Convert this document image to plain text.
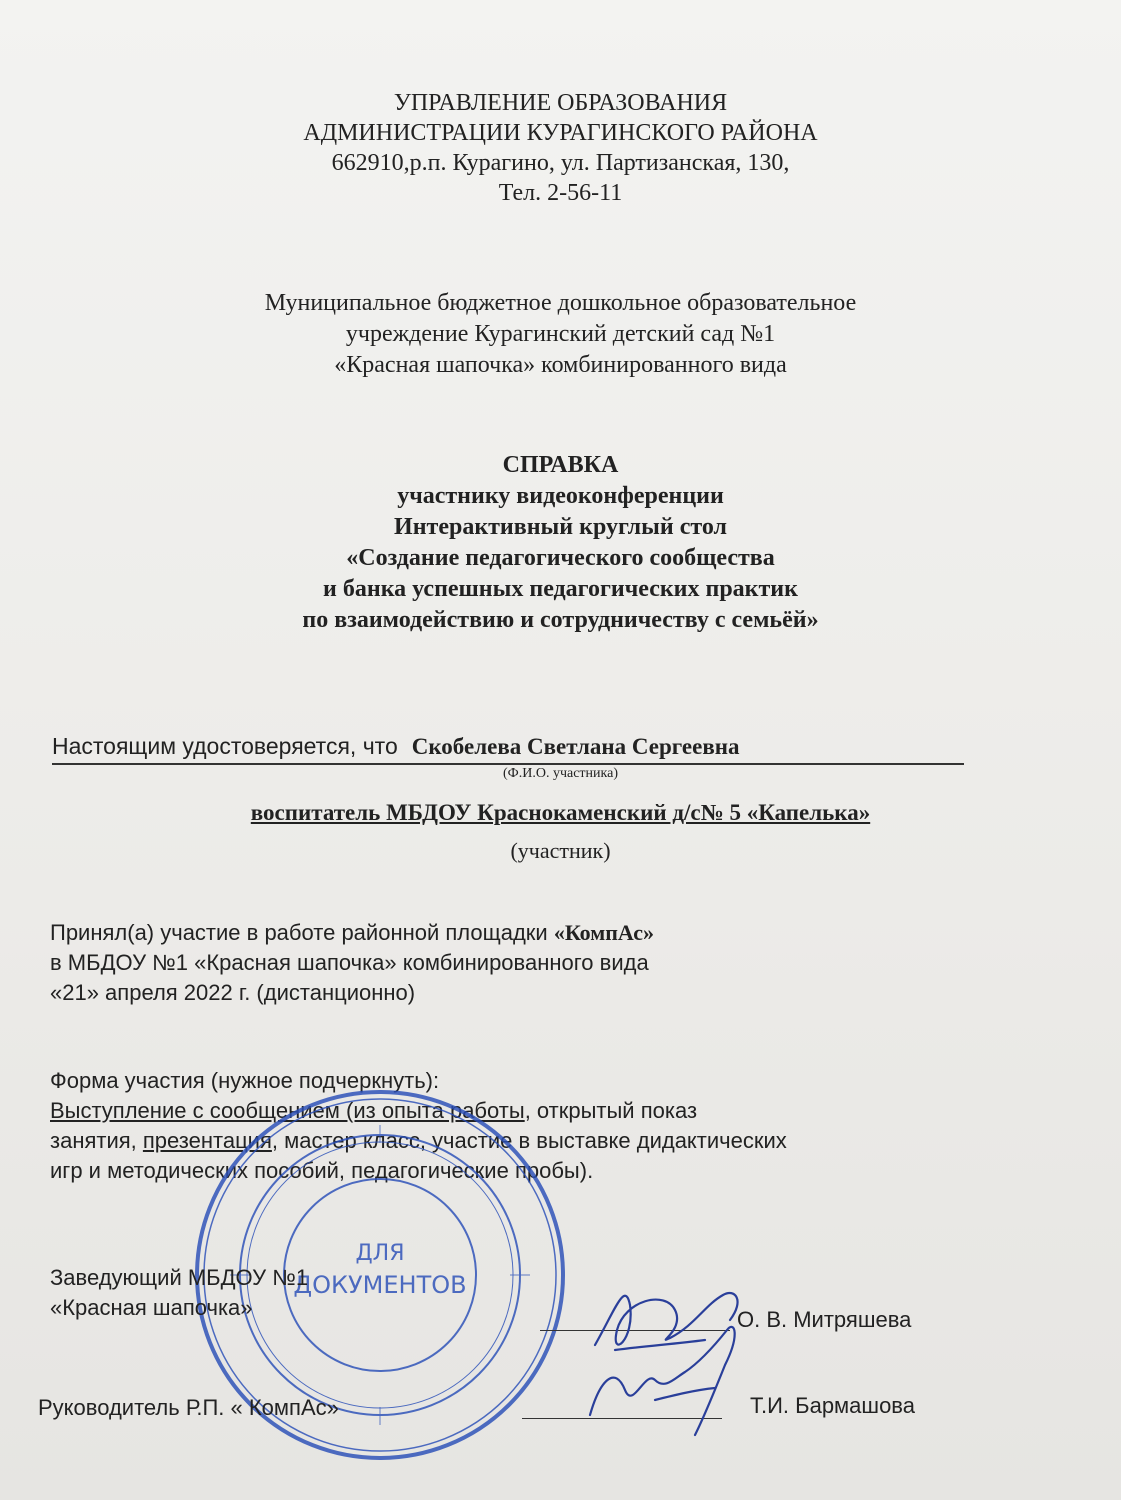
УПРАВЛЕНИЕ ОБРАЗОВАНИЯ
АДМИНИСТРАЦИИ КУРАГИНСКОГО РАЙОНА
662910,р.п. Курагино, ул. Партизанская, 130,
Тел. 2-56-11
Муниципальное бюджетное дошкольное образовательное
учреждение Курагинский детский сад №1
«Красная шапочка» комбинированного вида
СПРАВКА
участнику видеоконференции
Интерактивный круглый стол
«Создание педагогического сообщества
и банка успешных педагогических практик
по взаимодействию и сотрудничеству с семьёй»
Настоящим удостоверяется, что Скобелева Светлана Сергеевна
(Ф.И.О. участника)
воспитатель МБДОУ Краснокаменский д/с№ 5 «Капелька»
(участник)
Принял(а) участие в работе районной площадки «КомпАс»
в МБДОУ №1 «Красная шапочка» комбинированного вида
«21» апреля 2022 г. (дистанционно)
Форма участия (нужное подчеркнуть):
Выступление с сообщением (из опыта работы, открытый показ
занятия, презентация, мастер класс, участие в выставке дидактических
игр и методических пособий, педагогические пробы).
ДЛЯ
ДОКУМЕНТОВ
Заведующий МБДОУ №1
«Красная шапочка»	О. В. Митряшева
Руководитель Р.П. « КомпАс»	Т.И. Бармашова
